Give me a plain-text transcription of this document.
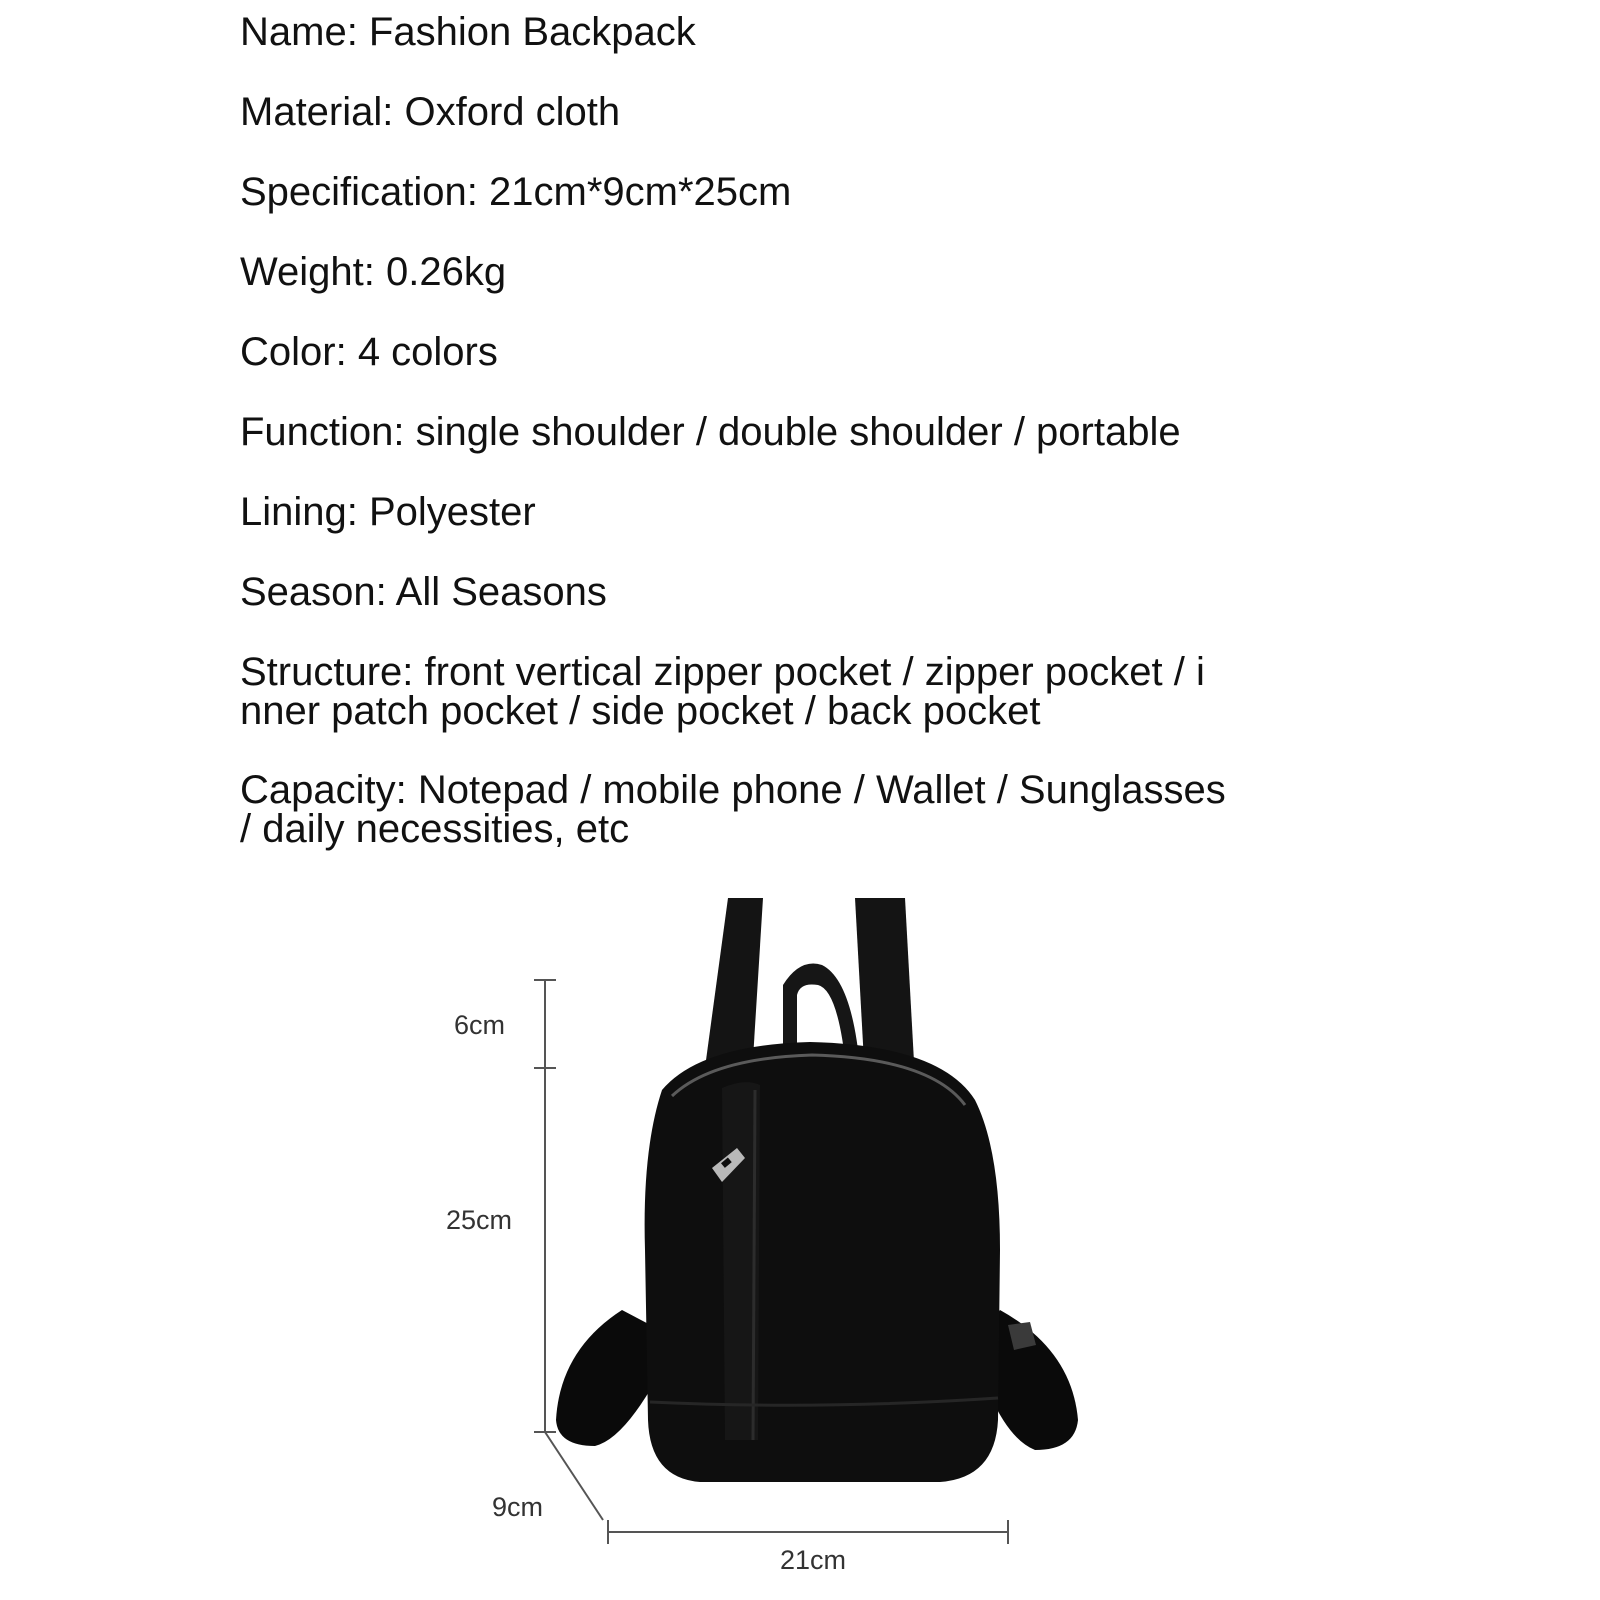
Name: Fashion Backpack

Material: Oxford cloth

Specification: 21cm*9cm*25cm

Weight: 0.26kg

Color: 4 colors

Function: single shoulder / double shoulder / portable

Lining: Polyester

Season: All Seasons

Structure: front vertical zipper pocket / zipper pocket / i

nner patch pocket / side pocket / back pocket

Capacity: Notepad / mobile phone / Wallet / Sunglasses

/ daily necessities, etc

6cm
25cm
9cm
21cm
